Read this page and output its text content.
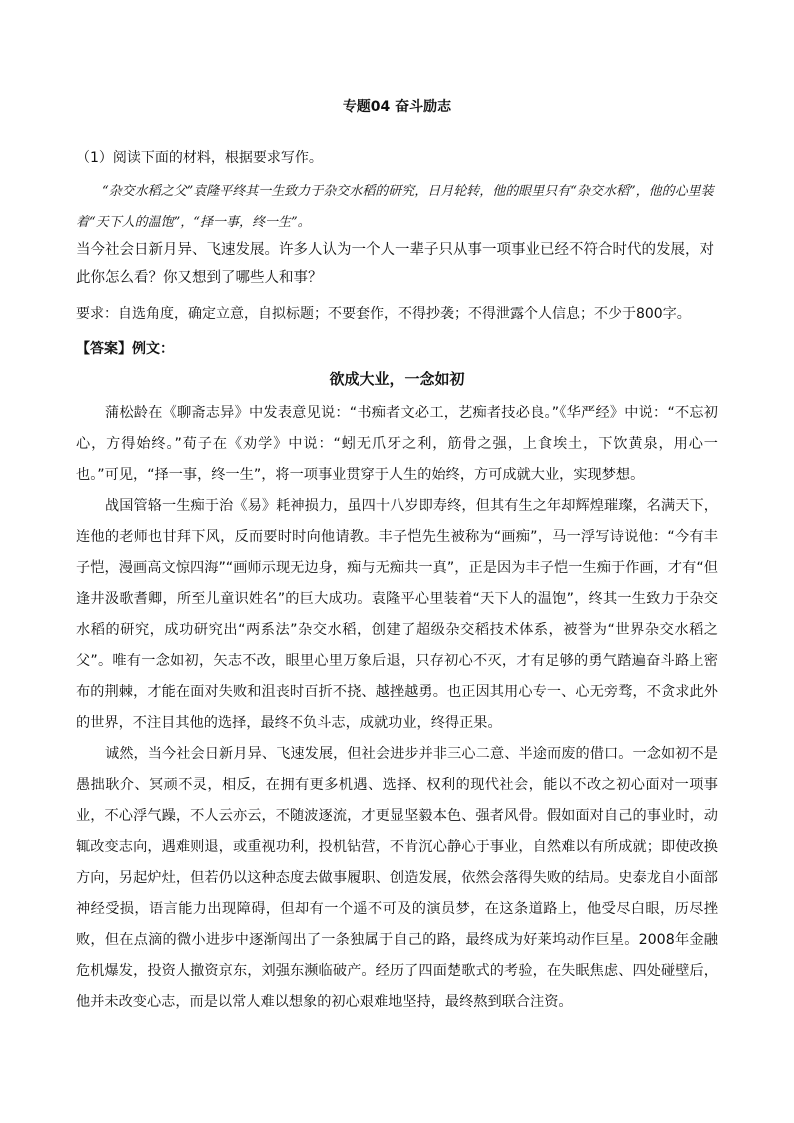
专题04 奋斗励志
（1）阅读下面的材料，根据要求写作。

“杂交水稻之父”袁隆平终其一生致力于杂交水稻的研究，日月轮转，他的眼里只有“杂交水稻”，他的心里装着“天下人的温饱”，“择一事，终一生”。

当今社会日新月异、飞速发展。许多人认为一个人一辈子只从事一项事业已经不符合时代的发展，对此你怎么看？你又想到了哪些人和事？
要求：自选角度，确定立意，自拟标题；不要套作，不得抄袭；不得泄露个人信息；不少于800字。
【答案】例文：
欲成大业，一念如初

蒲松龄在《聊斋志异》中发表意见说：“书痴者文必工，艺痴者技必良。”《华严经》中说：“不忘初心，方得始终。”荀子在《劝学》中说：“蚓无爪牙之利，筋骨之强，上食埃土，下饮黄泉，用心一也。”可见，“择一事，终一生”，将一项事业贯穿于人生的始终，方可成就大业，实现梦想。

战国管辂一生痴于治《易》耗神损力，虽四十八岁即寿终，但其有生之年却辉煌璀璨，名满天下，连他的老师也甘拜下风，反而要时时向他请教。丰子恺先生被称为“画痴”，马一浮写诗说他：“今有丰子恺，漫画高文惊四海”“画师示现无边身，痴与无痴共一真”，正是因为丰子恺一生痴于作画，才有“但逢井汲歌耆卿，所至儿童识姓名”的巨大成功。袁隆平心里装着“天下人的温饱”，终其一生致力于杂交水稻的研究，成功研究出“两系法”杂交水稻，创建了超级杂交稻技术体系，被誉为“世界杂交水稻之父”。唯有一念如初，矢志不改，眼里心里万象后退，只存初心不灭，才有足够的勇气踏遍奋斗路上密布的荆棘，才能在面对失败和沮丧时百折不挠、越挫越勇。也正因其用心专一、心无旁骛，不贪求此外的世界，不注目其他的选择，最终不负斗志，成就功业，终得正果。

诚然，当今社会日新月异、飞速发展，但社会进步并非三心二意、半途而废的借口。一念如初不是愚拙耿介、冥顽不灵，相反，在拥有更多机遇、选择、权利的现代社会，能以不改之初心面对一项事业，不心浮气躁，不人云亦云，不随波逐流，才更显坚毅本色、强者风骨。假如面对自己的事业时，动辄改变志向，遇难则退，或重视功利，投机钻营，不肯沉心静心于事业，自然难以有所成就；即使改换方向，另起炉灶，但若仍以这种态度去做事履职、创造发展，依然会落得失败的结局。史泰龙自小面部神经受损，语言能力出现障碍，但却有一个遥不可及的演员梦，在这条道路上，他受尽白眼，历尽挫败，但在点滴的微小进步中逐渐闯出了一条独属于自己的路，最终成为好莱坞动作巨星。2008年金融危机爆发，投资人撤资京东，刘强东濒临破产。经历了四面楚歌式的考验，在失眠焦虑、四处碰壁后，他并未改变心志，而是以常人难以想象的初心艰难地坚持，最终熬到联合注资。
